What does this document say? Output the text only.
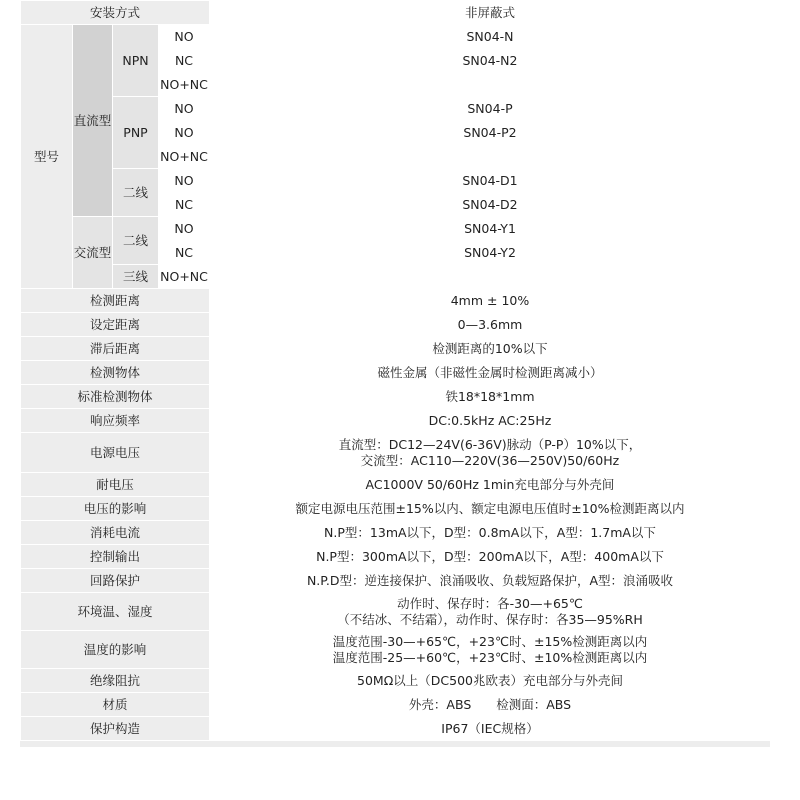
安装方式				非屏蔽式
型号	直流型	NPN	NO	SN04-N
			NC	SN04-N2
			NO+NC	
		PNP	NO	SN04-P
			NO	SN04-P2
			NO+NC	
		二线	NO	SN04-D1
			NC	SN04-D2
	交流型	二线	NO	SN04-Y1
			NC	SN04-Y2
		三线	NO+NC	
检测距离				4mm ± 10%

设定距离				0—3.6mm

滞后距离				检测距离的10%以下

检测物体				磁性金属（非磁性金属时检测距离减小）

标准检测物体				铁18*18*1mm

响应频率				DC:0.5kHz AC:25Hz

电源电压				直流型：DC12—24V(6-36V)脉动（P-P）10%以下，
交流型：AC110—220V(36—250V)50/60Hz

耐电压				AC1000V 50/60Hz 1min充电部分与外壳间

电压的影响				额定电源电压范围±15%以内、额定电源电压值时±10%检测距离以内

消耗电流				N.P型：13mA以下，D型：0.8mA以下，A型：1.7mA以下

控制输出				N.P型：300mA以下，D型：200mA以下，A型：400mA以下

回路保护				N.P.D型：逆连接保护、浪涌吸收、负载短路保护，A型：浪涌吸收

环境温、湿度				动作时、保存时：各-30—+65℃
（不结冰、不结霜），动作时、保存时：各35—95%RH

温度的影响				温度范围-30—+65℃，+23℃时、±15%检测距离以内
温度范围-25—+60℃，+23℃时、±10%检测距离以内

绝缘阻抗				50MΩ以上（DC500兆欧表）充电部分与外壳间

材质				外壳：ABS　　检测面：ABS

保护构造				IP67（IEC规格）
